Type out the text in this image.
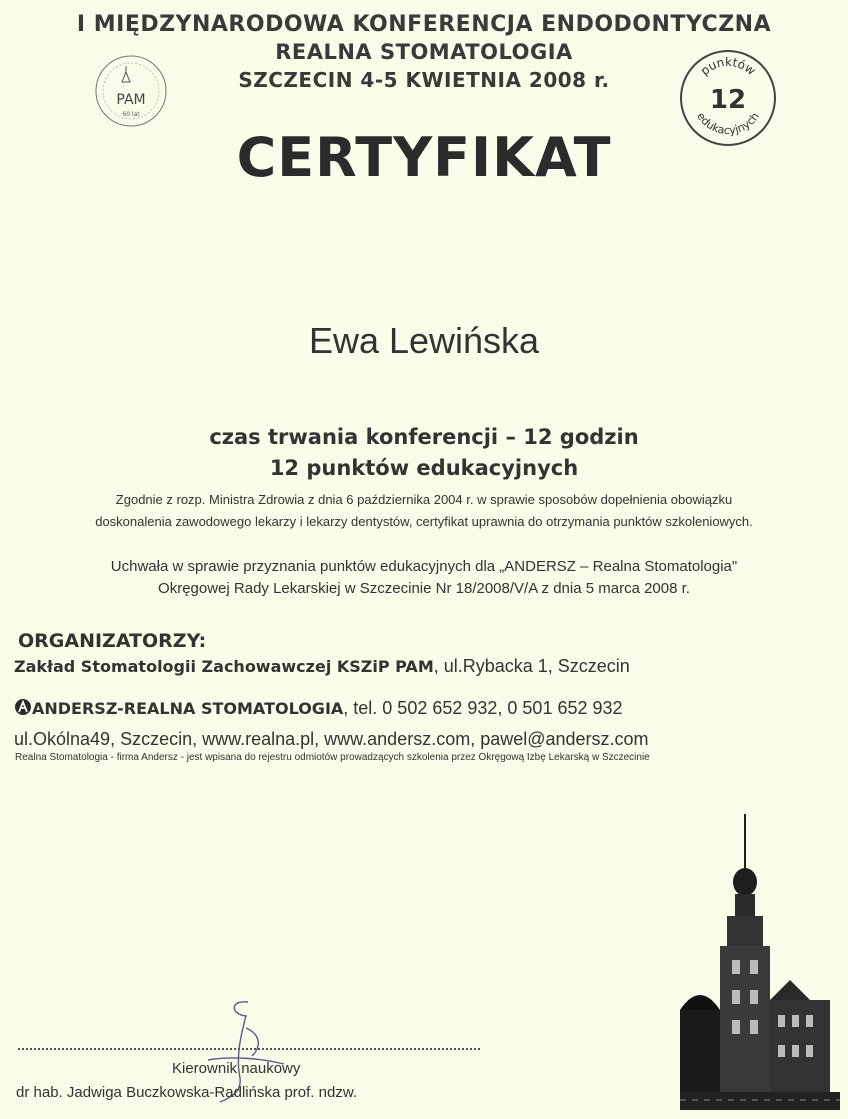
I MIĘDZYNARODOWA KONFERENCJA ENDODONTYCZNA
REALNA STOMATOLOGIA
SZCZECIN 4-5 KWIETNIA 2008 r.
PAM
60 lat
punktów
12
edukacyjnych
CERTYFIKAT
Ewa Lewińska
czas trwania konferencji – 12 godzin
12 punktów edukacyjnych
Zgodnie z rozp. Ministra Zdrowia z dnia 6 października 2004 r. w sprawie sposobów dopełnienia obowiązku
doskonalenia zawodowego lekarzy i lekarzy dentystów, certyfikat uprawnia do otrzymania punktów szkoleniowych.
Uchwała w sprawie przyznania punktów edukacyjnych dla „ANDERSZ – Realna Stomatologia"
Okręgowej Rady Lekarskiej w Szczecinie Nr 18/2008/V/A z dnia 5 marca 2008 r.
ORGANIZATORZY:
Zakład Stomatologii Zachowawczej KSZiP PAM, ul.Rybacka 1, Szczecin
ANDERSZ-REALNA STOMATOLOGIA, tel. 0 502 652 932, 0 501 652 932
ul.Okólna49, Szczecin, www.realna.pl, www.andersz.com, pawel@andersz.com
Realna Stomatologia - firma Andersz - jest wpisana do rejestru odmiotów prowadzących szkolenia przez Okręgową Izbę Lekarską w Szczecinie
Kierownik naukowy
dr hab. Jadwiga Buczkowska-Radlińska prof. ndzw.
